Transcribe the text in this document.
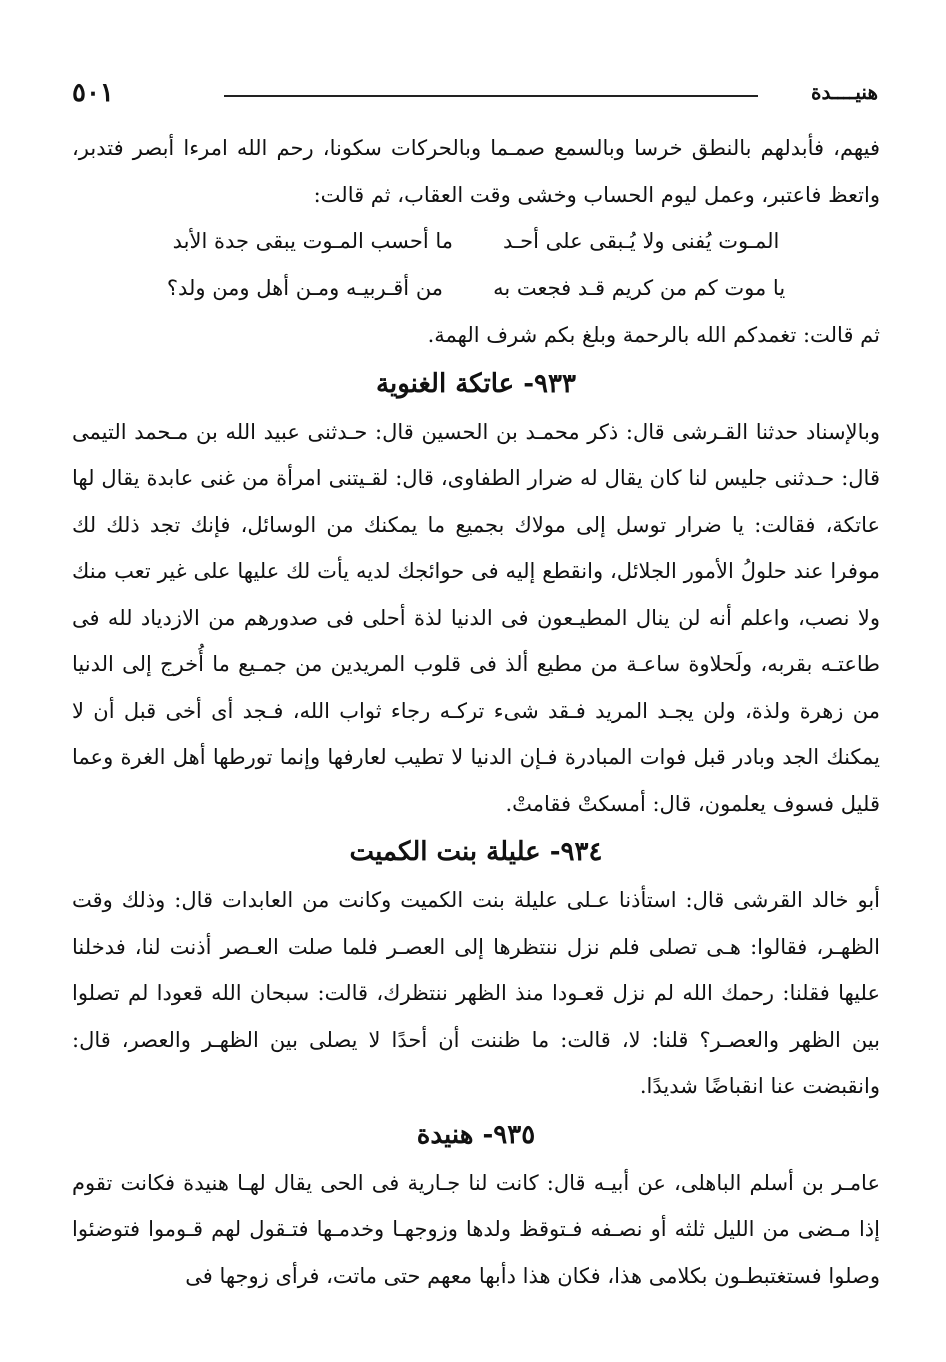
٥٠١	هنيــــدة

فيهم، فأبدلهم بالنطق خرسا وبالسمع صمـما وبالحركات سكونا، رحم الله امرءا أبصر فتدبر، واتعظ فاعتبر، وعمل ليوم الحساب وخشى وقت العقاب، ثم قالت:

المـوت يُفنى ولا يُـبقى على أحـد
ما أحسب المـوت يبقى جدة الأبد
يا موت كم من كريم قـد فجعت به
من أقـربيـه ومـن أهل ومن ولد؟

ثم قالت: تغمدكم الله بالرحمة وبلغ بكم شرف الهمة.

٩٣٣- عاتكة الغنوية

وبالإسناد حدثنا القـرشى قال: ذكر محمـد بن الحسين قال: حـدثنى عبيد الله بن مـحمد التيمى قال: حـدثنى جليس لنا كان يقال له ضرار الطفاوى، قال: لقـيتنى امرأة من غنى عابدة يقال لها عاتكة، فقالت: يا ضرار توسل إلى مولاك بجميع ما يمكنك من الوسائل، فإنك تجد ذلك لك موفرا عند حلولُ الأمور الجلائل، وانقطع إليه فى حوائجك لديه يأت لك عليها على غير تعب منك ولا نصب، واعلم أنه لن ينال المطيـعون فى الدنيا لذة أحلى فى صدورهم من الازدياد لله فى طاعتـه بقربه، ولَحلاوة ساعـة من مطيع ألذ فى قلوب المريدين من جمـيع ما أُخرج إلى الدنيا من زهرة ولذة، ولن يجـد المريد فـقد شىء تركـه رجاء ثواب الله، فـجد أى أخى قبل أن لا يمكنك الجد وبادر قبل فوات المبادرة فـإن الدنيا لا تطيب لعارفها وإنما تورطها أهل الغرة وعما قليل فسوف يعلمون، قال: أمسكتْ فقامتْ.

٩٣٤- عليلة بنت الكميت

أبو خالد القرشى قال: استأذنا عـلى عليلة بنت الكميت وكانت من العابدات قال: وذلك وقت الظهـر، فقالوا: هـى تصلى فلم نزل ننتظرها إلى العصـر فلما صلت العـصر أذنت لنا، فدخلنا عليها فقلنا: رحمك الله لم نزل قعـودا منذ الظهر ننتظرك، قالت: سبحان الله قعودا لم تصلوا بين الظهر والعصـر؟ قلنا: لا، قالت: ما ظننت أن أحدًا لا يصلى بين الظهـر والعصر، قال: وانقبضت عنا انقباضًا شديدًا.

٩٣٥- هنيدة

عامـر بن أسلم الباهلى، عن أبيـه قال: كانت لنا جـارية فى الحى يقال لهـا هنيدة فكانت تقوم إذا مـضى من الليل ثلثه أو نصـفه فـتوقظ ولدها وزوجهـا وخدمـها فتـقول لهم قـوموا فتوضئوا وصلوا فستغتبطـون بكلامى هذا، فكان هذا دأبها معهم حتى ماتت، فرأى زوجها فى
